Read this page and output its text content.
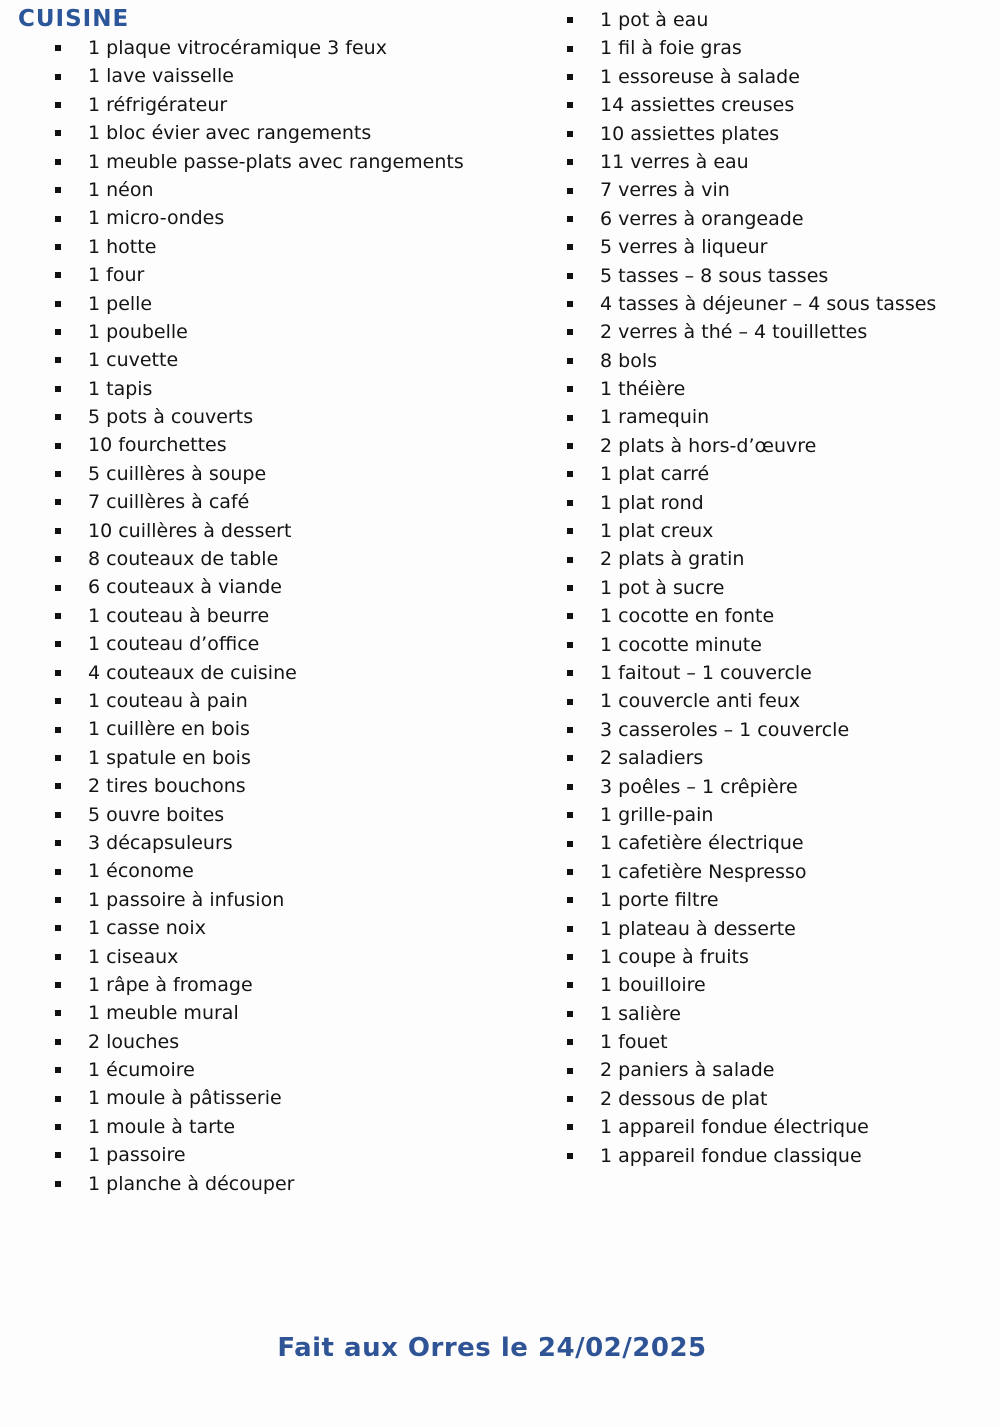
CUISINE
1 plaque vitrocéramique 3 feux
1 lave vaisselle
1 réfrigérateur
1 bloc évier avec rangements
1 meuble passe-plats avec rangements
1 néon
1 micro-ondes
1 hotte
1 four
1 pelle
1 poubelle
1 cuvette
1 tapis
5 pots à couverts
10 fourchettes
5 cuillères à soupe
7 cuillères à café
10 cuillères à dessert
8 couteaux de table
6 couteaux à viande
1 couteau à beurre
1 couteau d’office
4 couteaux de cuisine
1 couteau à pain
1 cuillère en bois
1 spatule en bois
2 tires bouchons
5 ouvre boites
3 décapsuleurs
1 économe
1 passoire à infusion
1 casse noix
1 ciseaux
1 râpe à fromage
1 meuble mural
2 louches
1 écumoire
1 moule à pâtisserie
1 moule à tarte
1 passoire
1 planche à découper
1 pot à eau
1 fil à foie gras
1 essoreuse à salade
14 assiettes creuses
10 assiettes plates
11 verres à eau
7 verres à vin
6 verres à orangeade
5 verres à liqueur
5 tasses – 8 sous tasses
4 tasses à déjeuner – 4 sous tasses
2 verres à thé – 4 touillettes
8 bols
1 théière
1 ramequin
2 plats à hors-d’œuvre
1 plat carré
1 plat rond
1 plat creux
2 plats à gratin
1 pot à sucre
1 cocotte en fonte
1 cocotte minute
1 faitout – 1 couvercle
1 couvercle anti feux
3 casseroles – 1 couvercle
2 saladiers
3 poêles – 1 crêpière
1 grille-pain
1 cafetière électrique
1 cafetière Nespresso
1 porte filtre
1 plateau à desserte
1 coupe à fruits
1 bouilloire
1 salière
1 fouet
2 paniers à salade
2 dessous de plat
1 appareil fondue électrique
1 appareil fondue classique
Fait aux Orres le 24/02/2025
